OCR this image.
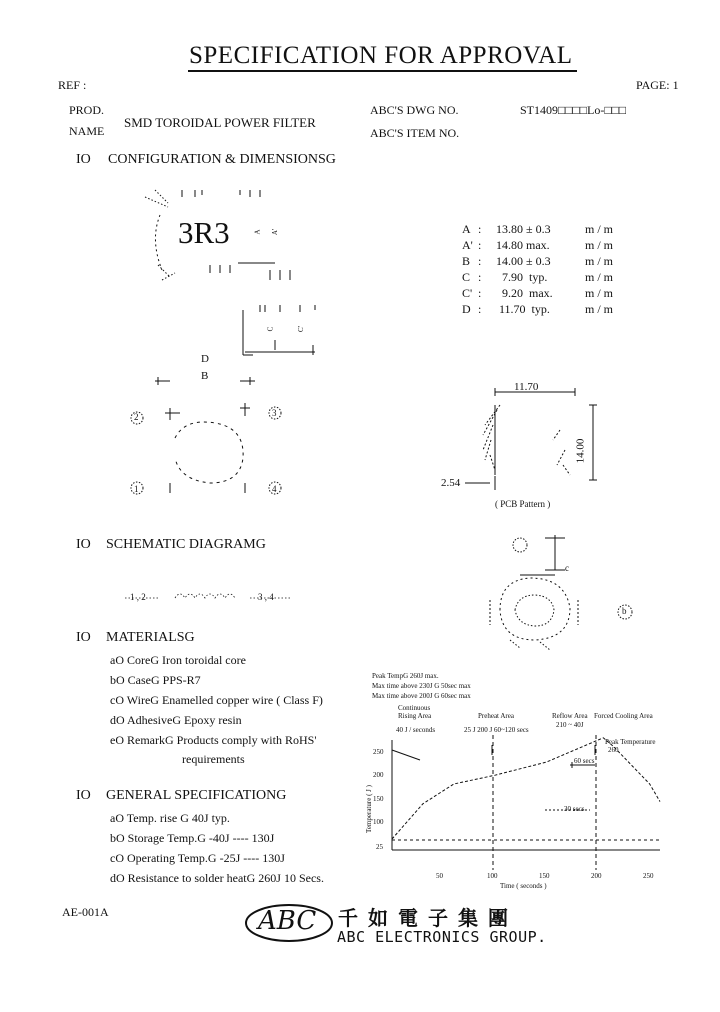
SPECIFICATION FOR APPROVAL
REF :	PAGE: 1
PROD.
NAME
SMD TOROIDAL POWER FILTER
ABC'S DWG NO.	ST1409□□□□Lo-□□□
ABC'S ITEM NO.
IO CONFIGURATION & DIMENSIONSG
3R3	A A'
C	C'
D
B
2	3
1	4
A : 13.80 ± 0.3	m / m
A' : 14.80 max.	m / m
B : 14.00 ± 0.3	m / m
C : 7.90  typ.	m / m
C' : 9.20  max.	m / m
D : 11.70  typ.	m / m
11.70
14.00
2.54
( PCB Pattern )
IO SCHEMATIC DIAGRAMG
1 , 2	3 , 4
c
b
IO MATERIALSG
aO CoreG Iron toroidal core
bO CaseG PPS-R7
cO WireG Enamelled copper wire ( Class F)
dO AdhesiveG Epoxy resin
eO RemarkG Products comply with RoHS'
requirements
IO GENERAL SPECIFICATIONG
aO Temp. rise G 40J typ.
bO Storage Temp.G -40J ---- 130J
cO Operating Temp.G -25J ---- 130J
dO Resistance to solder heatG 260J 10 Secs.
Peak TempG 260J max.
Max time above 230J G 50sec max
Max time above 200J G 60sec max
Continuous
Rising Area	Preheat Area	Reflow Area Forced Cooling Area
40 J / seconds	25 J 200 J 60~120 secs
210 ~ 40J
Peak Temperature
260
60 secs
30 secs
250
200
150
100
25
Temperature ( J )
50	100	150	200	250
Time ( seconds )
AE-001A	ABC 千如電子集團
ABC ELECTRONICS GROUP.
